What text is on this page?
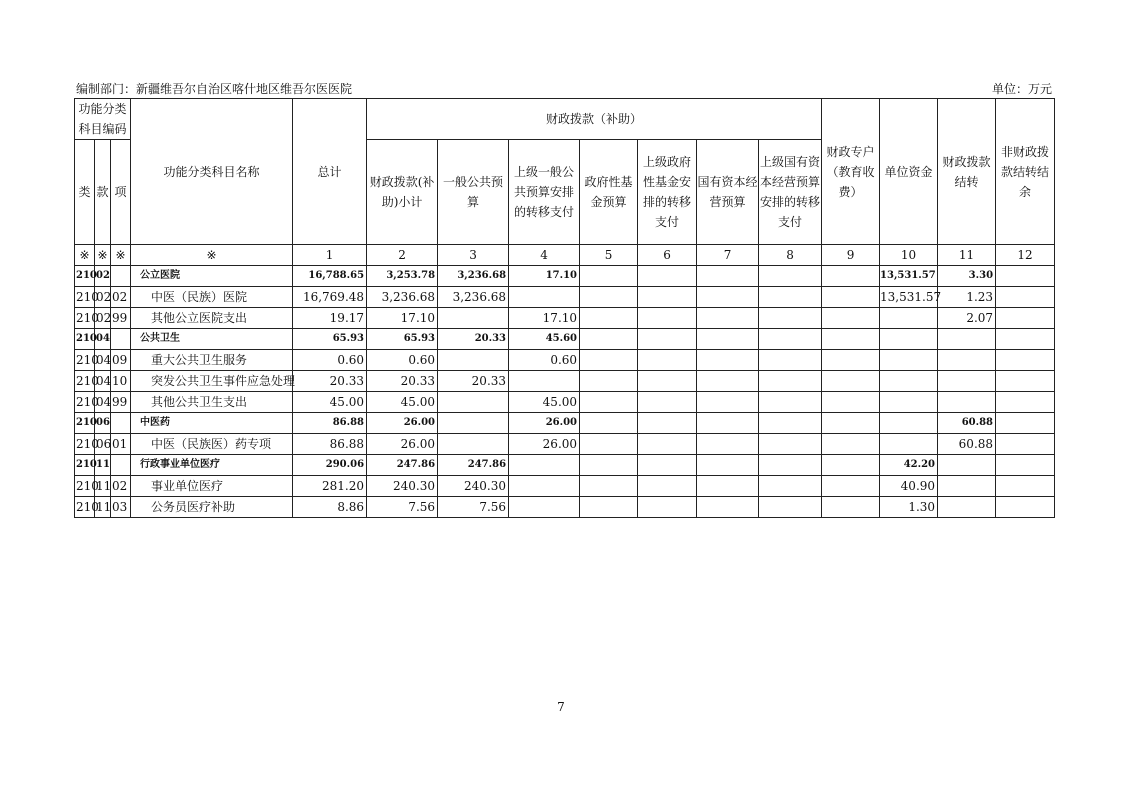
编制部门：新疆维吾尔自治区喀什地区维吾尔医医院	单位：万元
功能分类科目编码			功能分类科目名称	总计	财政拨款（补助）							财政专户（教育收费）	单位资金	财政拨款结转	非财政拨款结转结余
类	款	项			财政拨款(补助)小计	一般公共预算	上级一般公共预算安排的转移支付	政府性基金预算	上级政府性基金安排的转移支付	国有资本经营预算	上级国有资本经营预算安排的转移支付				
※	※	※	※	1	2	3	4	5	6	7	8	9	10	11	12
210	02		公立医院	16,788.65	3,253.78	3,236.68	17.10						13,531.57	3.30	
210	02	02	中医（民族）医院	16,769.48	3,236.68	3,236.68							13,531.57	1.23	
210	02	99	其他公立医院支出	19.17	17.10		17.10							2.07	
210	04		公共卫生	65.93	65.93	20.33	45.60								
210	04	09	重大公共卫生服务	0.60	0.60		0.60								
210	04	10	突发公共卫生事件应急处理	20.33	20.33	20.33									
210	04	99	其他公共卫生支出	45.00	45.00		45.00								
210	06		中医药	86.88	26.00		26.00							60.88	
210	06	01	中医（民族医）药专项	86.88	26.00		26.00							60.88	
210	11		行政事业单位医疗	290.06	247.86	247.86							42.20		
210	11	02	事业单位医疗	281.20	240.30	240.30							40.90		
210	11	03	公务员医疗补助	8.86	7.56	7.56							1.30		
7
